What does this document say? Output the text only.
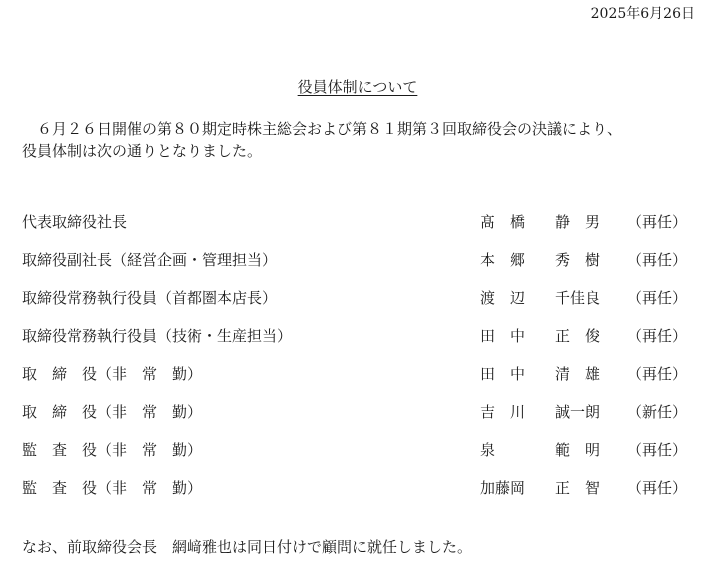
2025年6月26日
役員体制について
６月２６日開催の第８０期定時株主総会および第８１期第３回取締役会の決議により、
役員体制は次の通りとなりました。
代表取締役社長	髙　橋　　静　男 （再任）
取締役副社長（経営企画・管理担当）	本　郷　　秀　樹 （再任）
取締役常務執行役員（首都圏本店長）	渡　辺　　千佳良 （再任）
取締役常務執行役員（技術・生産担当）	田　中　　正　俊 （再任）
取　締　役（非　常　勤）	田　中　　清　雄 （再任）
取　締　役（非　常　勤）	吉　川　　誠一朗 （新任）
監　査　役（非　常　勤）	泉　　　　範　明 （再任）
監　査　役（非　常　勤）	加藤岡　　正　智 （再任）
なお、前取締役会長　網﨑雅也は同日付けで顧問に就任しました。
